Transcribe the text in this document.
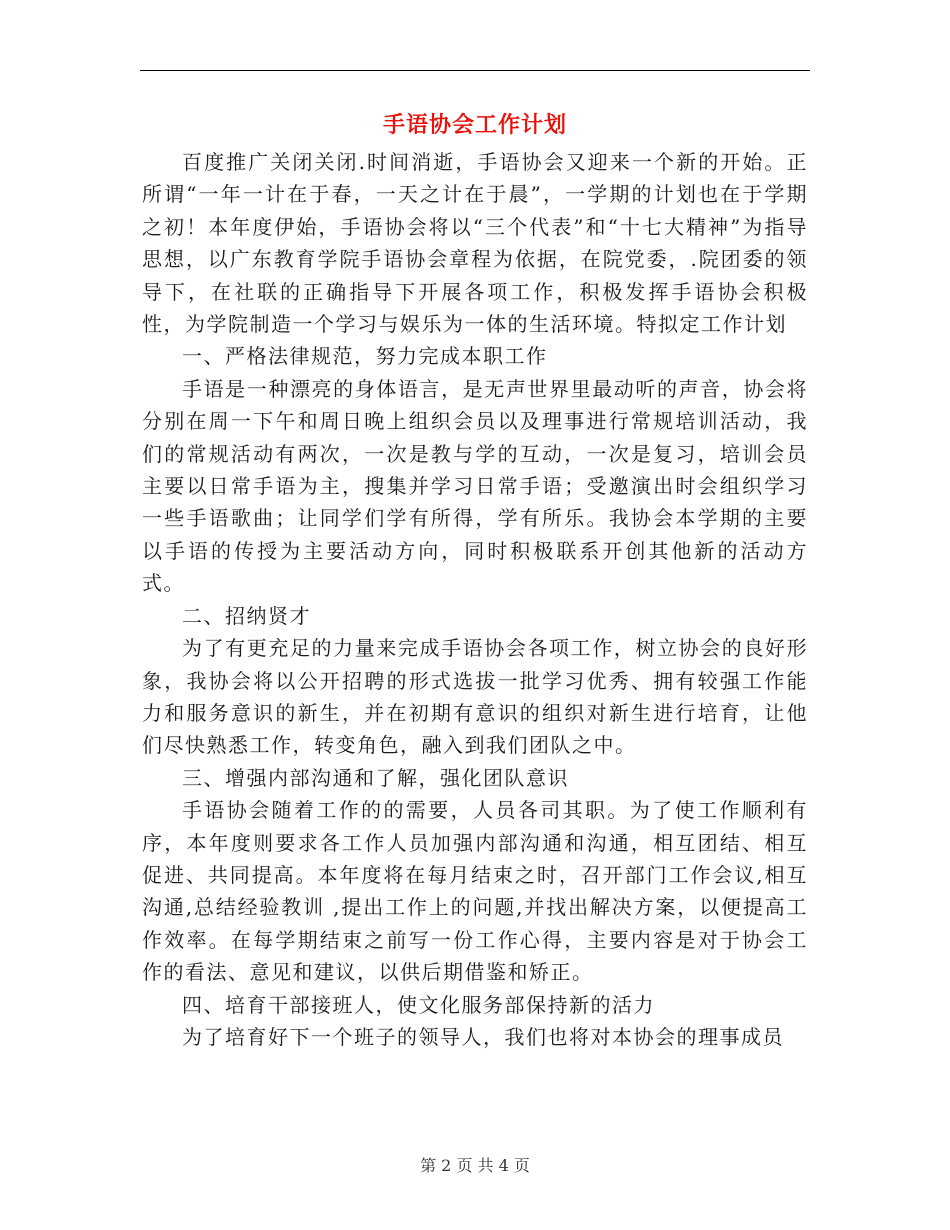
手语协会工作计划

百度推广关闭关闭.时间消逝，手语协会又迎来一个新的开始。正所谓“一年一计在于春，一天之计在于晨”，一学期的计划也在于学期之初！本年度伊始，手语协会将以“三个代表”和“十七大精神”为指导思想，以广东教育学院手语协会章程为依据，在院党委，.院团委的领导下，在社联的正确指导下开展各项工作，积极发挥手语协会积极性，为学院制造一个学习与娱乐为一体的生活环境。特拟定工作计划

一、严格法律规范，努力完成本职工作

手语是一种漂亮的身体语言，是无声世界里最动听的声音，协会将分别在周一下午和周日晚上组织会员以及理事进行常规培训活动，我们的常规活动有两次，一次是教与学的互动，一次是复习，培训会员主要以日常手语为主，搜集并学习日常手语；受邀演出时会组织学习一些手语歌曲；让同学们学有所得，学有所乐。我协会本学期的主要以手语的传授为主要活动方向，同时积极联系开创其他新的活动方式。

二、招纳贤才

为了有更充足的力量来完成手语协会各项工作，树立协会的良好形象，我协会将以公开招聘的形式选拔一批学习优秀、拥有较强工作能力和服务意识的新生，并在初期有意识的组织对新生进行培育，让他们尽快熟悉工作，转变角色，融入到我们团队之中。

三、增强内部沟通和了解，强化团队意识

手语协会随着工作的的需要，人员各司其职。为了使工作顺利有序，本年度则要求各工作人员加强内部沟通和沟通，相互团结、相互促进、共同提高。本年度将在每月结束之时，召开部门工作会议,相互沟通,总结经验教训 ,提出工作上的问题,并找出解决方案，以便提高工作效率。在每学期结束之前写一份工作心得，主要内容是对于协会工作的看法、意见和建议，以供后期借鉴和矫正。

四、培育干部接班人，使文化服务部保持新的活力

为了培育好下一个班子的领导人，我们也将对本协会的理事成员

第 2 页 共 4 页
